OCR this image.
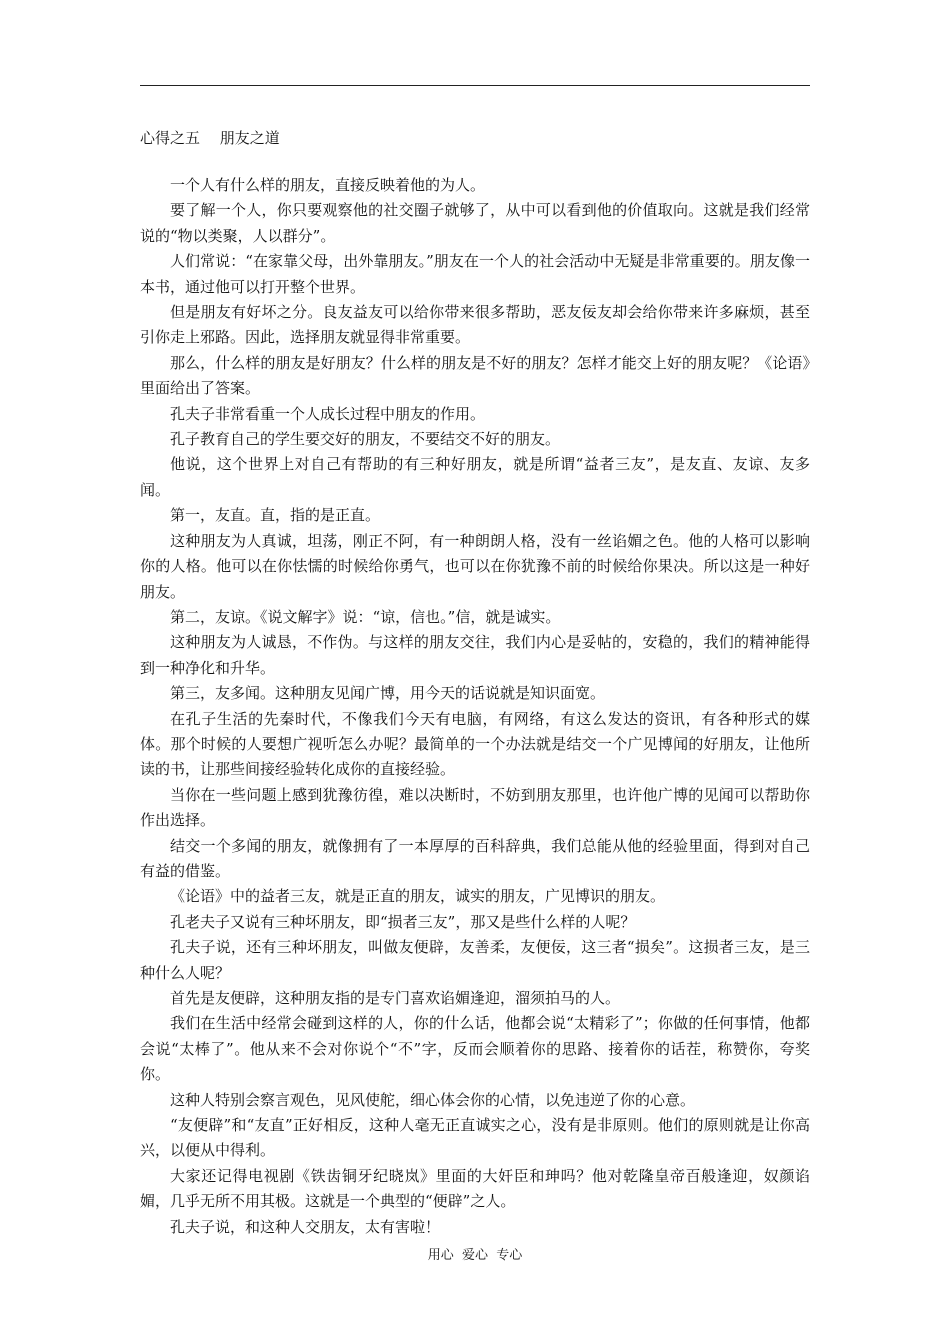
心得之五　 朋友之道

一个人有什么样的朋友，直接反映着他的为人。

要了解一个人，你只要观察他的社交圈子就够了，从中可以看到他的价值取向。这就是我们经常说的“物以类聚，人以群分”。

人们常说：“在家靠父母，出外靠朋友。”朋友在一个人的社会活动中无疑是非常重要的。朋友像一本书，通过他可以打开整个世界。

但是朋友有好坏之分。良友益友可以给你带来很多帮助，恶友佞友却会给你带来许多麻烦，甚至引你走上邪路。因此，选择朋友就显得非常重要。

那么，什么样的朋友是好朋友？什么样的朋友是不好的朋友？怎样才能交上好的朋友呢？《论语》里面给出了答案。

孔夫子非常看重一个人成长过程中朋友的作用。

孔子教育自己的学生要交好的朋友，不要结交不好的朋友。

他说，这个世界上对自己有帮助的有三种好朋友，就是所谓“益者三友”，是友直、友谅、友多闻。

第一，友直。直，指的是正直。

这种朋友为人真诚，坦荡，刚正不阿，有一种朗朗人格，没有一丝谄媚之色。他的人格可以影响你的人格。他可以在你怯懦的时候给你勇气，也可以在你犹豫不前的时候给你果决。所以这是一种好朋友。

第二，友谅。《说文解字》说：“谅，信也。”信，就是诚实。

这种朋友为人诚恳，不作伪。与这样的朋友交往，我们内心是妥帖的，安稳的，我们的精神能得到一种净化和升华。

第三，友多闻。这种朋友见闻广博，用今天的话说就是知识面宽。

在孔子生活的先秦时代，不像我们今天有电脑，有网络，有这么发达的资讯，有各种形式的媒体。那个时候的人要想广视听怎么办呢？最简单的一个办法就是结交一个广见博闻的好朋友，让他所读的书，让那些间接经验转化成你的直接经验。

当你在一些问题上感到犹豫彷徨，难以决断时，不妨到朋友那里，也许他广博的见闻可以帮助你作出选择。

结交一个多闻的朋友，就像拥有了一本厚厚的百科辞典，我们总能从他的经验里面，得到对自己有益的借鉴。

《论语》中的益者三友，就是正直的朋友，诚实的朋友，广见博识的朋友。

孔老夫子又说有三种坏朋友，即“损者三友”，那又是些什么样的人呢？

孔夫子说，还有三种坏朋友，叫做友便辟，友善柔，友便佞，这三者“损矣”。这损者三友，是三种什么人呢？

首先是友便辟，这种朋友指的是专门喜欢谄媚逢迎，溜须拍马的人。

我们在生活中经常会碰到这样的人，你的什么话，他都会说“太精彩了”；你做的任何事情，他都会说“太棒了”。他从来不会对你说个“不”字，反而会顺着你的思路、接着你的话茬，称赞你，夸奖你。

这种人特别会察言观色，见风使舵，细心体会你的心情，以免违逆了你的心意。

“友便辟”和“友直”正好相反，这种人毫无正直诚实之心，没有是非原则。他们的原则就是让你高兴，以便从中得利。

大家还记得电视剧《铁齿铜牙纪晓岚》里面的大奸臣和珅吗？他对乾隆皇帝百般逢迎，奴颜谄媚，几乎无所不用其极。这就是一个典型的“便辟”之人。

孔夫子说，和这种人交朋友，太有害啦！

用心  爱心  专心
